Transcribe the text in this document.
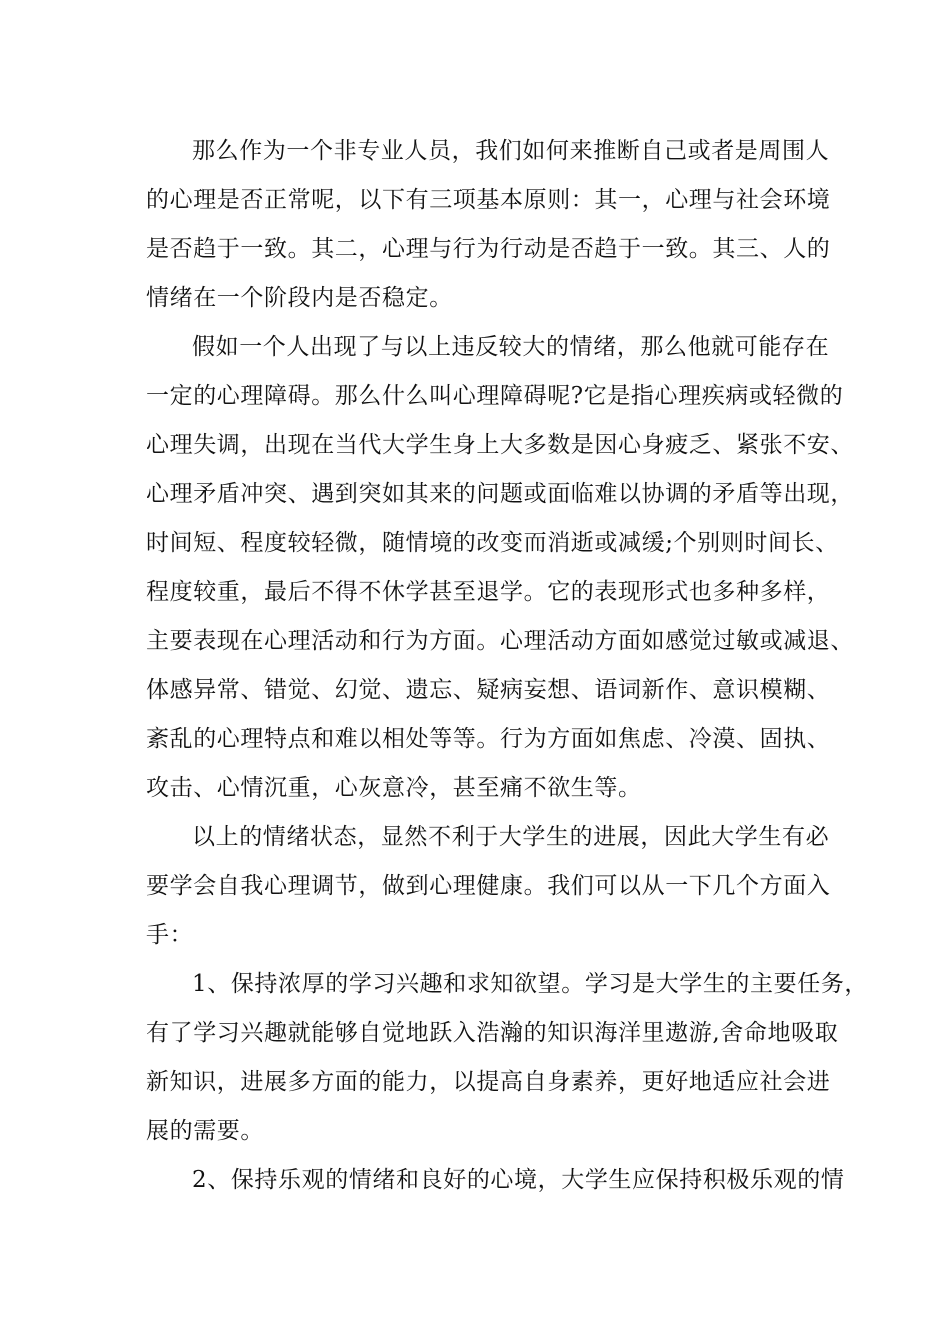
那么作为一个非专业人员，我们如何来推断自己或者是周围人
的心理是否正常呢，以下有三项基本原则：其一，心理与社会环境
是否趋于一致。其二，心理与行为行动是否趋于一致。其三、人的
情绪在一个阶段内是否稳定。
假如一个人出现了与以上违反较大的情绪，那么他就可能存在
一定的心理障碍。那么什么叫心理障碍呢?它是指心理疾病或轻微的
心理失调，出现在当代大学生身上大多数是因心身疲乏、紧张不安、
心理矛盾冲突、遇到突如其来的问题或面临难以协调的矛盾等出现，
时间短、程度较轻微，随情境的改变而消逝或减缓;个别则时间长、
程度较重，最后不得不休学甚至退学。它的表现形式也多种多样，
主要表现在心理活动和行为方面。心理活动方面如感觉过敏或减退、
体感异常、错觉、幻觉、遗忘、疑病妄想、语词新作、意识模糊、
紊乱的心理特点和难以相处等等。行为方面如焦虑、冷漠、固执、
攻击、心情沉重，心灰意冷，甚至痛不欲生等。
以上的情绪状态，显然不利于大学生的进展，因此大学生有必
要学会自我心理调节，做到心理健康。我们可以从一下几个方面入
手：
1、保持浓厚的学习兴趣和求知欲望。学习是大学生的主要任务，
有了学习兴趣就能够自觉地跃入浩瀚的知识海洋里遨游,舍命地吸取
新知识，进展多方面的能力，以提高自身素养，更好地适应社会进
展的需要。
2、保持乐观的情绪和良好的心境，大学生应保持积极乐观的情
